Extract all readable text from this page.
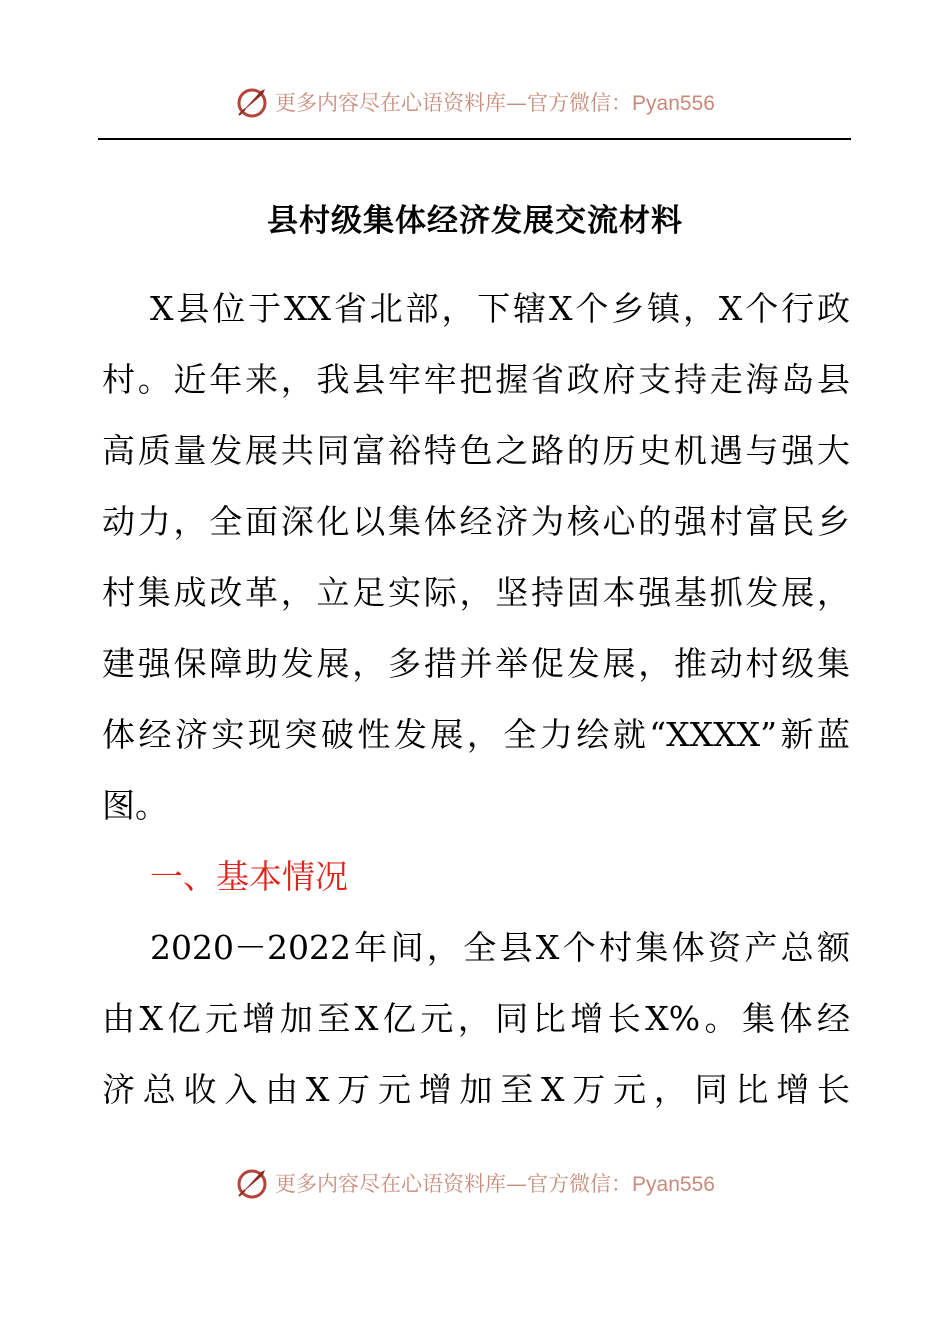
更多内容尽在心语资料库—官方微信：Pyan556
县村级集体经济发展交流材料
X县位于XX省北部，下辖X个乡镇，X个行政
村。近年来，我县牢牢把握省政府支持走海岛县
高质量发展共同富裕特色之路的历史机遇与强大
动力，全面深化以集体经济为核心的强村富民乡
村集成改革，立足实际，坚持固本强基抓发展，
建强保障助发展，多措并举促发展，推动村级集
体经济实现突破性发展，全力绘就“XXXX”新蓝
图。
一、基本情况
2020－2022年间，全县X个村集体资产总额
由X亿元增加至X亿元，同比增长X%。集体经
济总收入由X万元增加至X万元，同比增长
更多内容尽在心语资料库—官方微信：Pyan556
